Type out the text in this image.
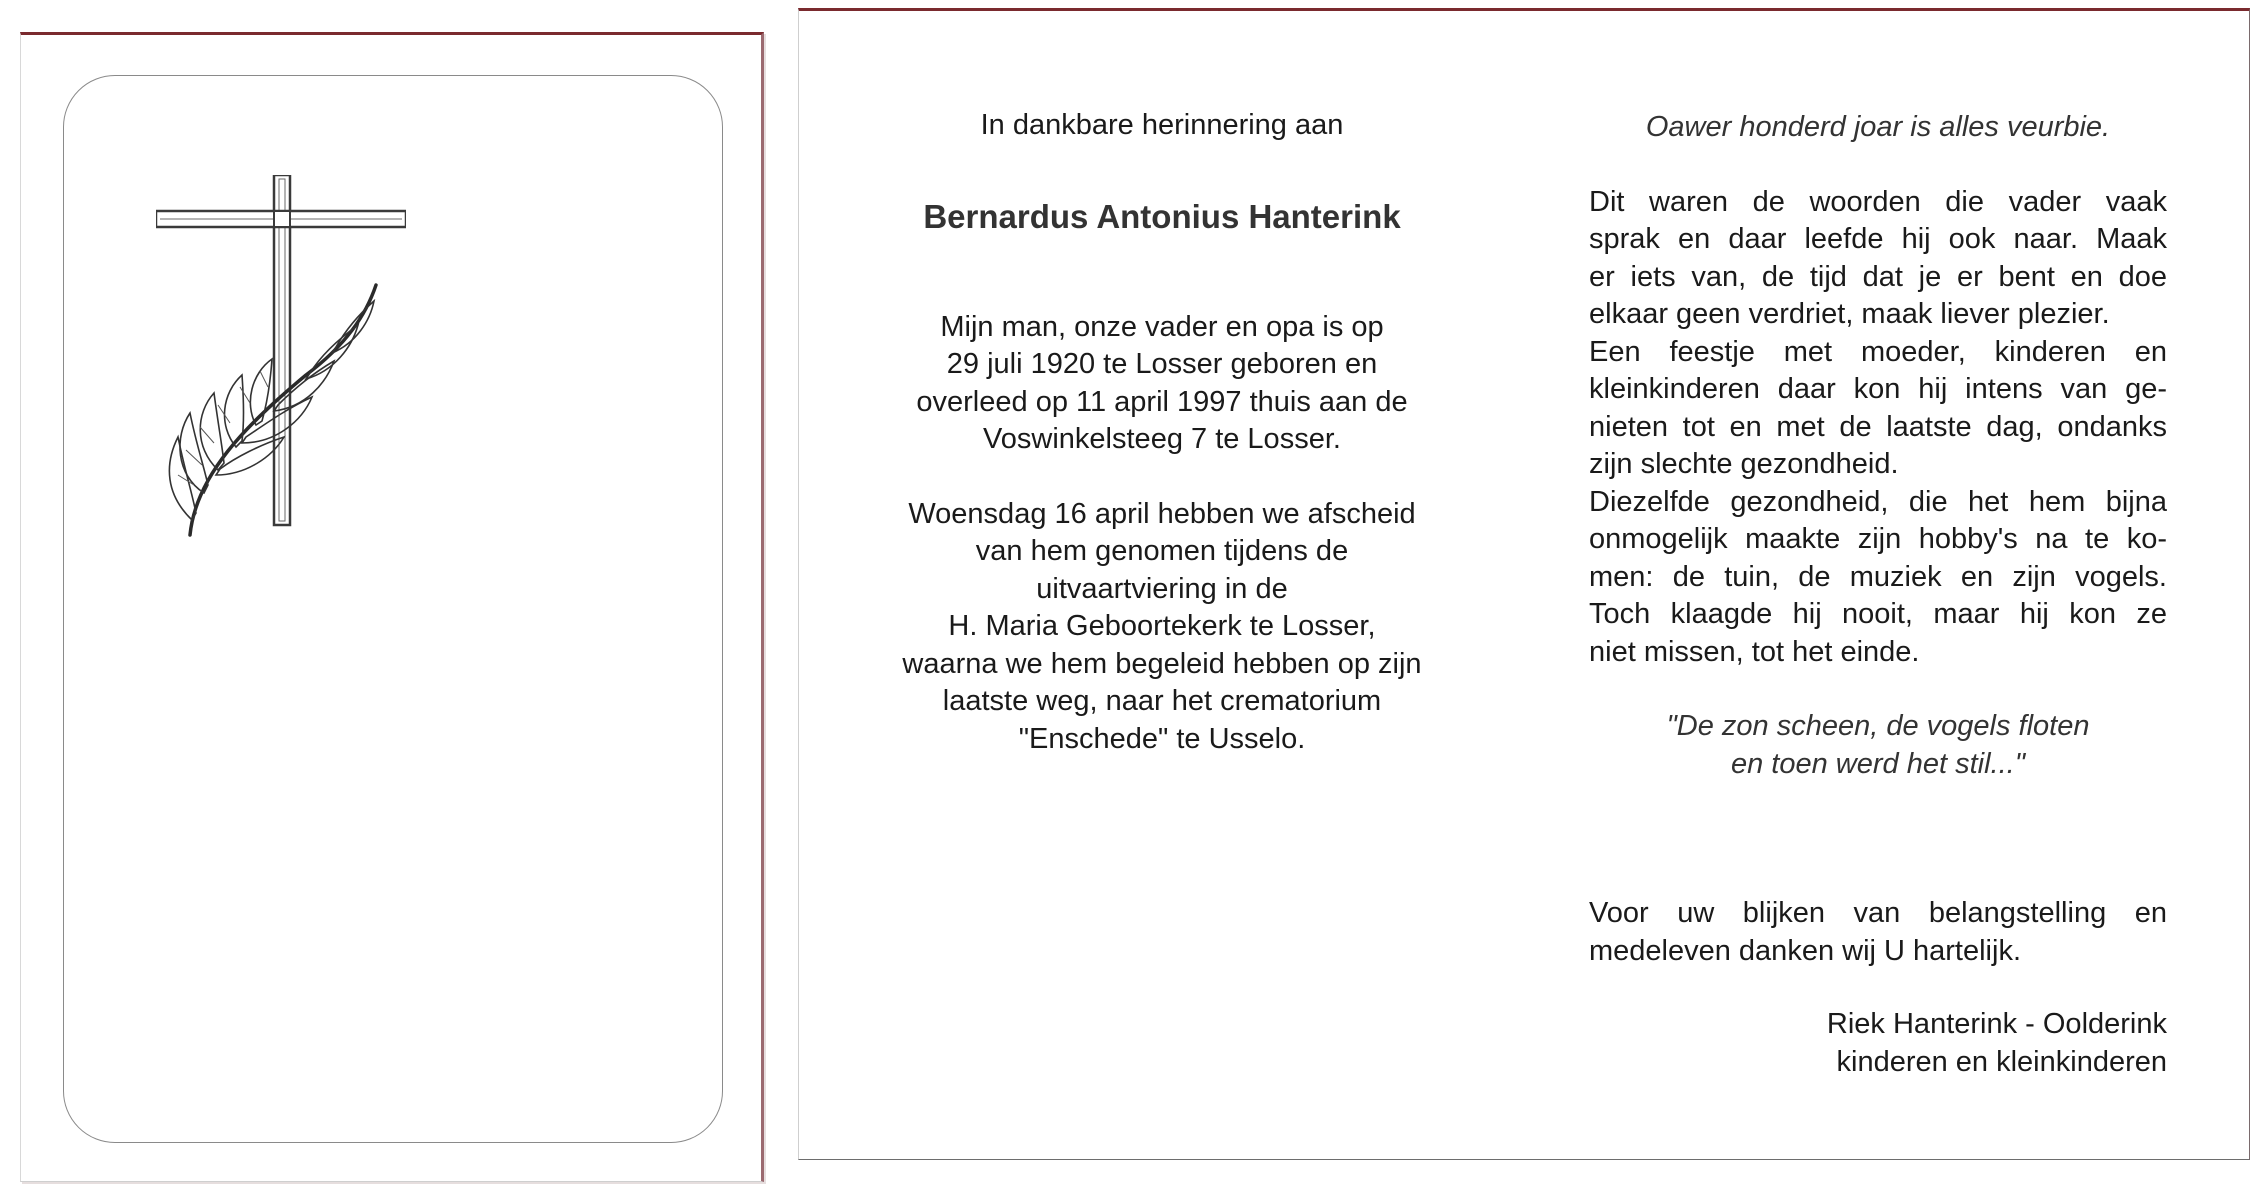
In dankbare herinnering aan

Bernardus Antonius Hanterink

Mijn man, onze vader en opa is op
29 juli 1920 te Losser geboren en
overleed op 11 april 1997 thuis aan de
Voswinkelsteeg 7 te Losser.

Woensdag 16 april hebben we afscheid
van hem genomen tijdens de
uitvaartviering in de
H. Maria Geboortekerk te Losser,
waarna we hem begeleid hebben op zijn
laatste weg, naar het crematorium
"Enschede" te Usselo.

Oawer honderd joar is alles veurbie.

Dit waren de woorden die vader vaak
sprak en daar leefde hij ook naar. Maak
er iets van, de tijd dat je er bent en doe
elkaar geen verdriet, maak liever plezier.
Een feestje met moeder, kinderen en
kleinkinderen daar kon hij intens van ge-
nieten tot en met de laatste dag, ondanks
zijn slechte gezondheid.
Diezelfde gezondheid, die het hem bijna
onmogelijk maakte zijn hobby's na te ko-
men: de tuin, de muziek en zijn vogels.
Toch klaagde hij nooit, maar hij kon ze
niet missen, tot het einde.

"De zon scheen, de vogels floten
en toen werd het stil..."

Voor uw blijken van belangstelling en
medeleven danken wij U hartelijk.

Riek Hanterink - Oolderink
kinderen en kleinkinderen
